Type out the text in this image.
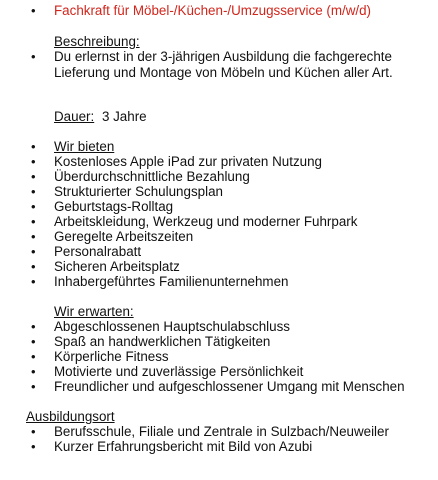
• Fachkraft für Möbel-/Küchen-/Umzugsservice (m/w/d)
Beschreibung:
• Du erlernst in der 3-jährigen Ausbildung die fachgerechte
Lieferung und Montage von Möbeln und Küchen aller Art.
Dauer: 3 Jahre
• Wir bieten
• Kostenloses Apple iPad zur privaten Nutzung
• Überdurchschnittliche Bezahlung
• Strukturierter Schulungsplan
• Geburtstags-Rolltag
• Arbeitskleidung, Werkzeug und moderner Fuhrpark
• Geregelte Arbeitszeiten
• Personalrabatt
• Sicheren Arbeitsplatz
• Inhabergeführtes Familienunternehmen
Wir erwarten:
• Abgeschlossenen Hauptschulabschluss
• Spaß an handwerklichen Tätigkeiten
• Körperliche Fitness
• Motivierte und zuverlässige Persönlichkeit
• Freundlicher und aufgeschlossener Umgang mit Menschen
Ausbildungsort
• Berufsschule, Filiale und Zentrale in Sulzbach/Neuweiler
• Kurzer Erfahrungsbericht mit Bild von Azubi
